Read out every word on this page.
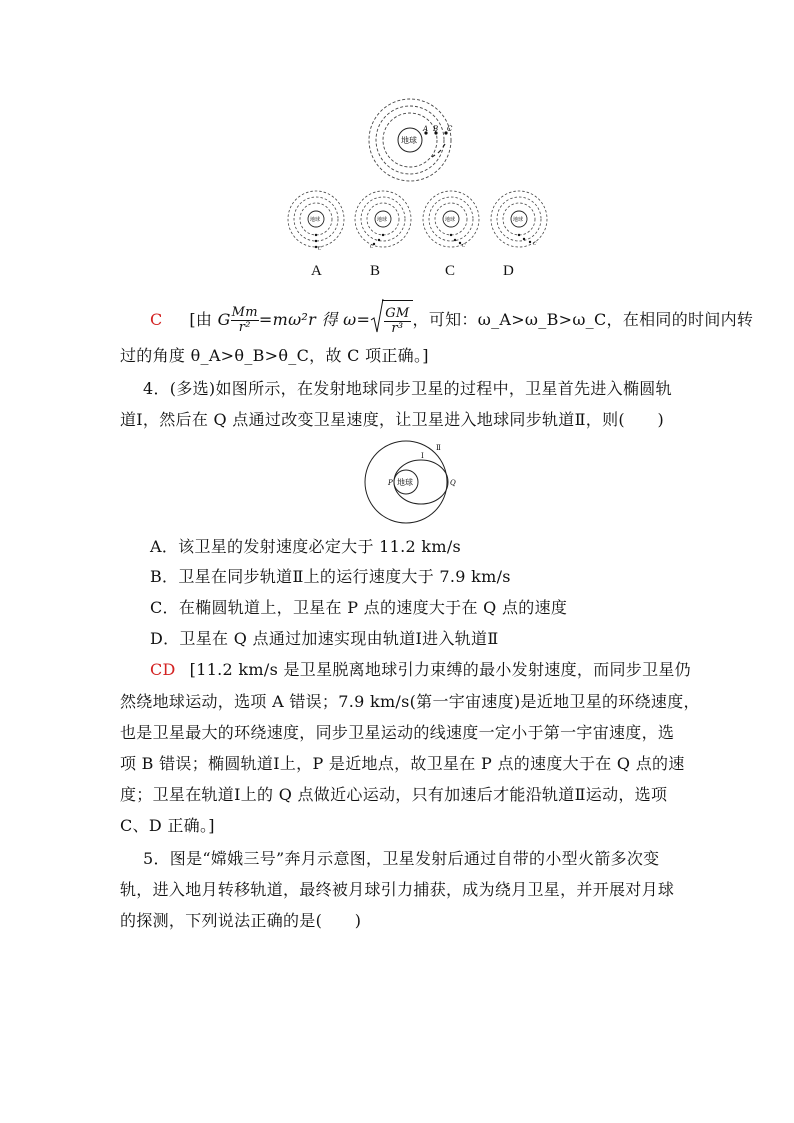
地球
A B C
地球
C
地球
C
地球
C
地球
C
A	B	C	D
C [由 G $\frac{Mm}{\text{r²}} =m\omega^2r$ 得 $\omega= \frac{GM}{\text{r³}}$ ，可知：ω_A>ω_B>ω_C，在相同的时间内转
过的角度 θ_A>θ_B>θ_C，故 C 项正确。]
4．(多选)如图所示，在发射地球同步卫星的过程中，卫星首先进入椭圆轨
道Ⅰ，然后在 Q 点通过改变卫星速度，让卫星进入地球同步轨道Ⅱ，则(　　)
地球
P	Q
Ⅰ
Ⅱ
A．该卫星的发射速度必定大于 11.2 km/s
B．卫星在同步轨道Ⅱ上的运行速度大于 7.9 km/s
C．在椭圆轨道上，卫星在 P 点的速度大于在 Q 点的速度
D．卫星在 Q 点通过加速实现由轨道Ⅰ进入轨道Ⅱ
CD [11.2 km/s 是卫星脱离地球引力束缚的最小发射速度，而同步卫星仍
然绕地球运动，选项 A 错误；7.9 km/s(第一宇宙速度)是近地卫星的环绕速度，
也是卫星最大的环绕速度，同步卫星运动的线速度一定小于第一宇宙速度，选
项 B 错误；椭圆轨道Ⅰ上，P 是近地点，故卫星在 P 点的速度大于在 Q 点的速
度；卫星在轨道Ⅰ上的 Q 点做近心运动，只有加速后才能沿轨道Ⅱ运动，选项
C、D 正确。]
5．图是“嫦娥三号”奔月示意图，卫星发射后通过自带的小型火箭多次变
轨，进入地月转移轨道，最终被月球引力捕获，成为绕月卫星，并开展对月球
的探测，下列说法正确的是(　　)
